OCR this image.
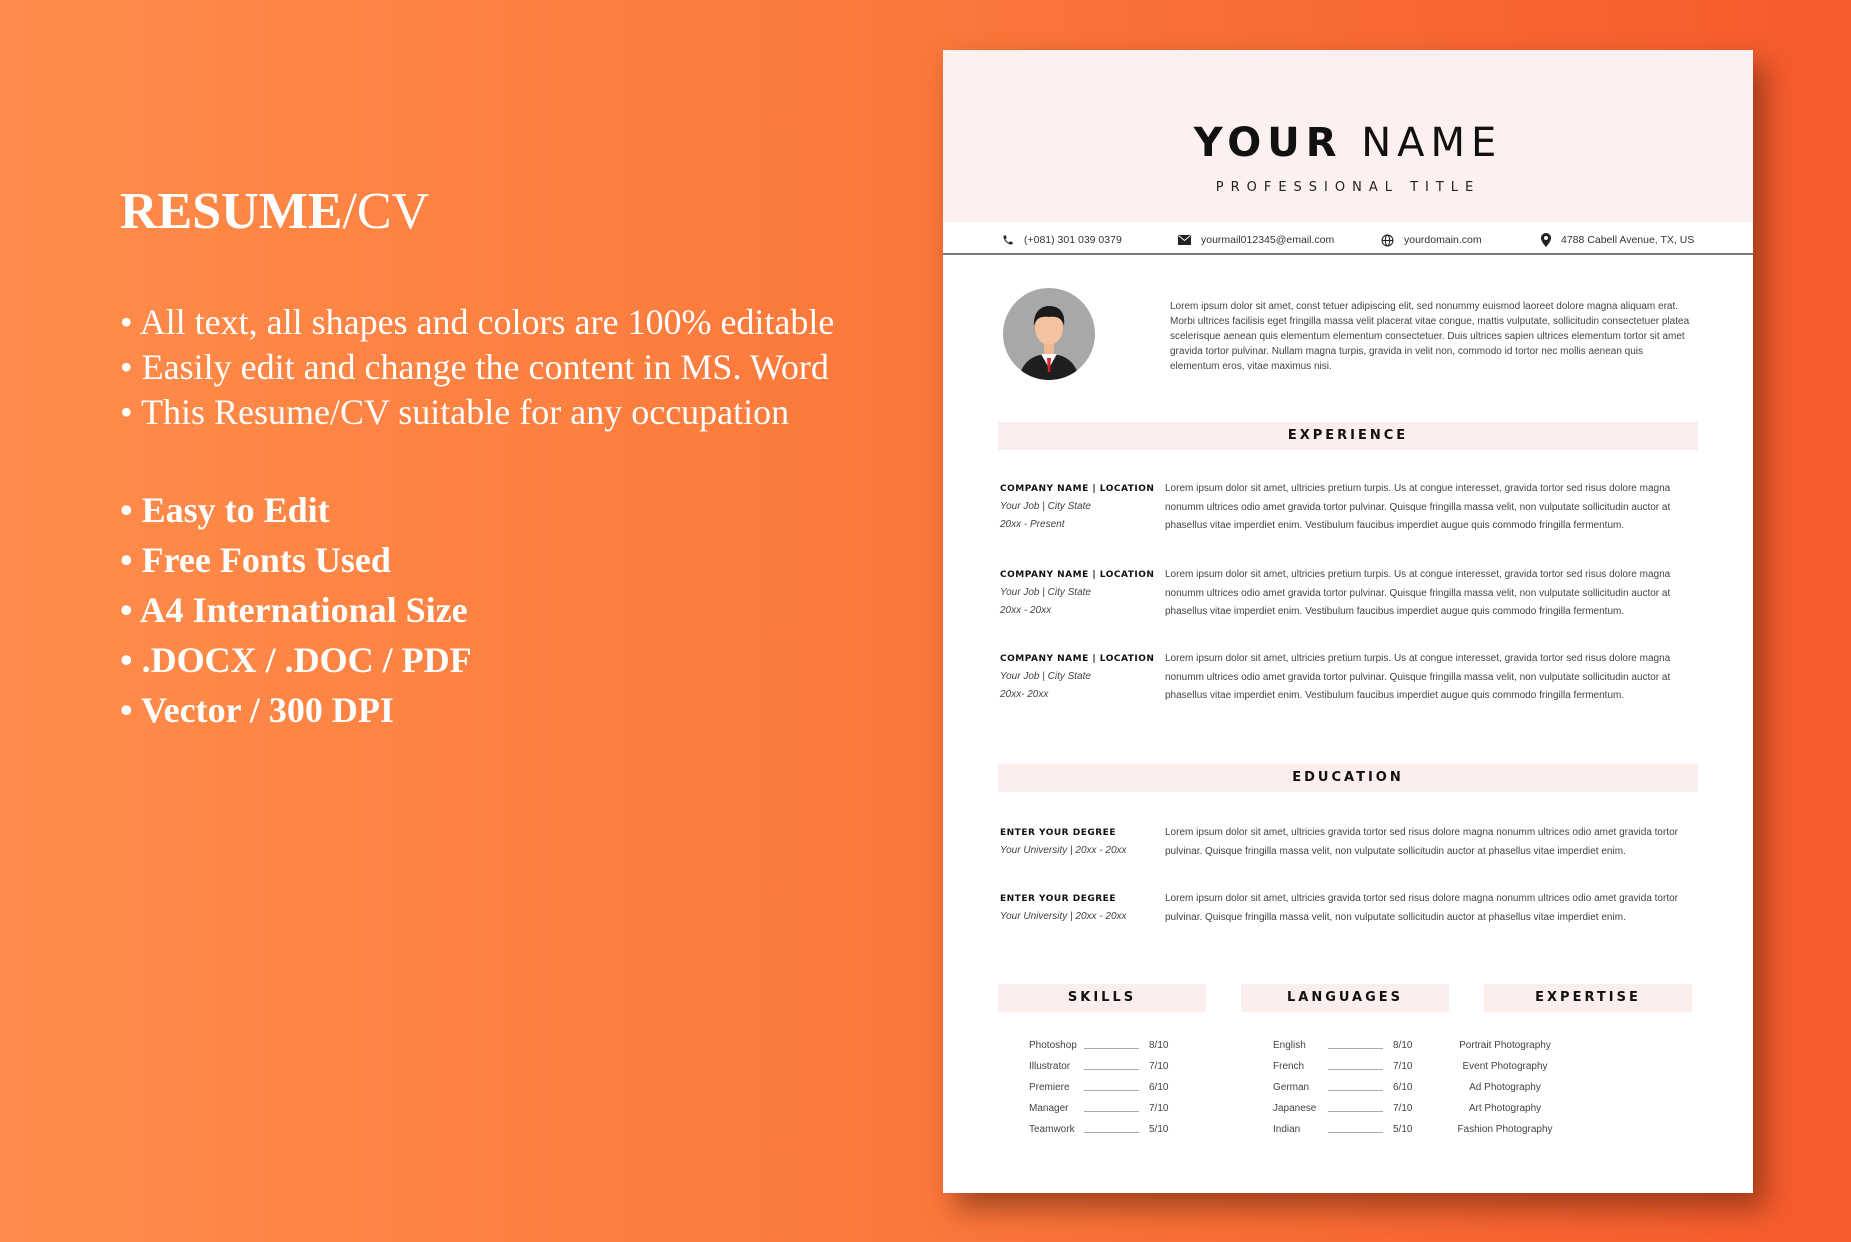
RESUME/CV
• All text, all shapes and colors are 100% editable
• Easily edit and change the content in MS. Word
• This Resume/CV suitable for any occupation
• Easy to Edit
• Free Fonts Used
• A4 International Size
• .DOCX / .DOC / PDF
• Vector / 300 DPI
YOUR NAME
PROFESSIONAL TITLE
(+081) 301 039 0379	yourmail012345@email.com	yourdomain.com	4788 Cabell Avenue, TX, US
Lorem ipsum dolor sit amet, const tetuer adipiscing elit, sed nonummy euismod laoreet dolore magna aliquam erat. Morbi ultrices facilisis eget fringilla massa velit placerat vitae congue, mattis vulputate, sollicitudin consectetuer platea scelerisque aenean quis elementum elementum consectetuer. Duis ultrices sapien ultrices elementum tortor sit amet gravida tortor pulvinar. Nullam magna turpis, gravida in velit non, commodo id tortor nec mollis aenean quis elementum eros, vitae maximus nisi.
EXPERIENCE
COMPANY NAME | LOCATION
Your Job | City State
20xx - Present
Lorem ipsum dolor sit amet, ultricies pretium turpis. Us at congue interesset, gravida tortor sed risus dolore magna nonumm ultrices odio amet gravida tortor pulvinar. Quisque fringilla massa velit, non vulputate sollicitudin auctor at phasellus vitae imperdiet enim. Vestibulum faucibus imperdiet augue quis commodo fringilla fermentum.
COMPANY NAME | LOCATION
Your Job | City State
20xx - 20xx
Lorem ipsum dolor sit amet, ultricies pretium turpis. Us at congue interesset, gravida tortor sed risus dolore magna nonumm ultrices odio amet gravida tortor pulvinar. Quisque fringilla massa velit, non vulputate sollicitudin auctor at phasellus vitae imperdiet enim. Vestibulum faucibus imperdiet augue quis commodo fringilla fermentum.
COMPANY NAME | LOCATION
Your Job | City State
20xx- 20xx
Lorem ipsum dolor sit amet, ultricies pretium turpis. Us at congue interesset, gravida tortor sed risus dolore magna nonumm ultrices odio amet gravida tortor pulvinar. Quisque fringilla massa velit, non vulputate sollicitudin auctor at phasellus vitae imperdiet enim. Vestibulum faucibus imperdiet augue quis commodo fringilla fermentum.
EDUCATION
ENTER YOUR DEGREE
Your University | 20xx - 20xx
Lorem ipsum dolor sit amet, ultricies gravida tortor sed risus dolore magna nonumm ultrices odio amet gravida tortor pulvinar. Quisque fringilla massa velit, non vulputate sollicitudin auctor at phasellus vitae imperdiet enim.
ENTER YOUR DEGREE
Your University | 20xx - 20xx
Lorem ipsum dolor sit amet, ultricies gravida tortor sed risus dolore magna nonumm ultrices odio amet gravida tortor pulvinar. Quisque fringilla massa velit, non vulputate sollicitudin auctor at phasellus vitae imperdiet enim.
SKILLS	LANGUAGES	EXPERTISE
Photoshop	8/10
Illustrator	7/10
Premiere	6/10
Manager	7/10
Teamwork	5/10
English	8/10
French	7/10
German	6/10
Japanese	7/10
Indian	5/10
Portrait Photography
Event Photography
Ad Photography
Art Photography
Fashion Photography
